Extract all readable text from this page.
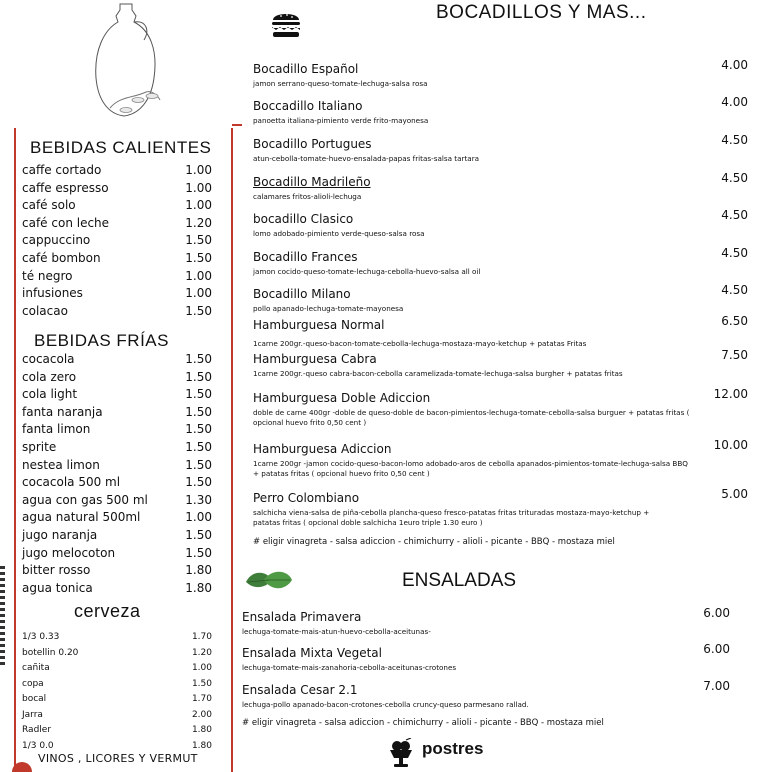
BEBIDAS CALIENTES
caffe cortado	1.00
caffe espresso	1.00
café solo	1.00
café con leche	1.20
cappuccino	1.50
café bombon	1.50
té negro	1.00
infusiones	1.00
colacao	1.50
BEBIDAS FRÍAS
cocacola	1.50
cola zero	1.50
cola light	1.50
fanta naranja	1.50
fanta limon	1.50
sprite	1.50
nestea limon	1.50
cocacola 500 ml	1.50
agua con gas 500 ml	1.30
agua natural 500ml	1.00
jugo naranja	1.50
jugo melocoton	1.50
bitter rosso	1.80
agua tonica	1.80
cerveza
1/3 0.33	1.70
botellin 0.20	1.20
cañita	1.00
copa	1.50
bocal	1.70
Jarra	2.00
Radler	1.80
1/3 0.0	1.80
VINOS , LICORES Y VERMUT
BOCADILLOS Y MAS...
Bocadillo Español
jamon serrano-queso-tomate-lechuga-salsa rosa
4.00
Boccadillo Italiano
panoetta italiana-pimiento verde frito-mayonesa
4.00
Bocadillo Portugues
atun-cebolla-tomate-huevo-ensalada-papas fritas-salsa tartara
4.50
Bocadillo Madrileño
calamares fritos-alioli-lechuga
4.50
bocadillo Clasico
lomo adobado-pimiento verde-queso-salsa rosa
4.50
Bocadillo Frances
jamon cocido-queso-tomate-lechuga-cebolla-huevo-salsa all oil
4.50
Bocadillo Milano
pollo apanado-lechuga-tomate-mayonesa
4.50
Hamburguesa Normal
1carne 200gr.-queso-bacon-tomate-cebolla-lechuga-mostaza-mayo-ketchup + patatas Fritas
6.50
Hamburguesa Cabra
1carne 200gr.-queso cabra-bacon-cebolla caramelizada-tomate-lechuga-salsa burgher + patatas fritas
7.50
Hamburguesa Doble Adiccion
doble de carne 400gr -doble de queso-doble de bacon-pimientos-lechuga-tomate-cebolla-salsa burguer + patatas fritas ( opcional huevo frito 0,50 cent )
12.00
Hamburguesa Adiccion
1carne 200gr -jamon cocido-queso-bacon-lomo adobado-aros de cebolla apanados-pimientos-tomate-lechuga-salsa BBQ + patatas fritas ( opcional huevo frito 0,50 cent )
10.00
Perro Colombiano
salchicha viena-salsa de piña-cebolla plancha-queso fresco-patatas fritas trituradas mostaza-mayo-ketchup + patatas fritas ( opcional doble salchicha 1euro triple 1.30 euro )
5.00
# eligir vinagreta - salsa adiccion - chimichurry - alioli - picante - BBQ - mostaza miel
ENSALADAS
Ensalada Primavera
lechuga-tomate-mais-atun-huevo-cebolla-aceitunas-
6.00
Ensalada Mixta Vegetal
lechuga-tomate-mais-zanahoria-cebolla-aceitunas-crotones
6.00
Ensalada Cesar 2.1
lechuga-pollo apanado-bacon-crotones-cebolla cruncy-queso parmesano rallad.
7.00
# eligir vinagreta - salsa adiccion - chimichurry - alioli - picante - BBQ - mostaza miel
postres
